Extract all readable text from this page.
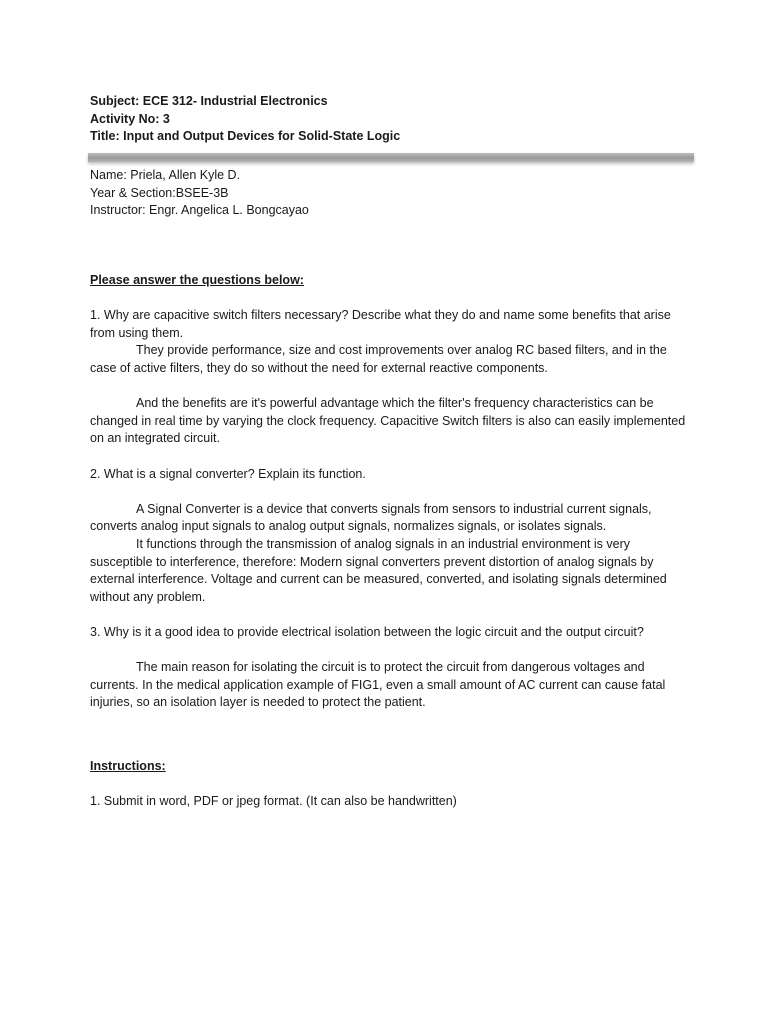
Subject: ECE 312- Industrial Electronics

Activity No: 3

Title: Input and Output Devices for Solid-State Logic

Name: Priela, Allen Kyle D.

Year & Section:BSEE-3B

Instructor: Engr. Angelica L. Bongcayao

Please answer the questions below:

1. Why are capacitive switch filters necessary? Describe what they do and name some benefits that arise from using them.

They provide performance, size and cost improvements over analog RC based filters, and in the case of active filters, they do so without the need for external reactive components.

And the benefits are it's powerful advantage which the filter's frequency characteristics can be changed in real time by varying the clock frequency. Capacitive Switch filters is also can easily implemented on an integrated circuit.

2. What is a signal converter? Explain its function.

A Signal Converter is a device that converts signals from sensors to industrial current signals, converts analog input signals to analog output signals, normalizes signals, or isolates signals.

It functions through the transmission of analog signals in an industrial environment is very susceptible to interference, therefore: Modern signal converters prevent distortion of analog signals by external interference. Voltage and current can be measured, converted, and isolating signals determined without any problem.

3. Why is it a good idea to provide electrical isolation between the logic circuit and the output circuit?

The main reason for isolating the circuit is to protect the circuit from dangerous voltages and currents. In the medical application example of FIG1, even a small amount of AC current can cause fatal injuries, so an isolation layer is needed to protect the patient.

Instructions:

1. Submit in word, PDF or jpeg format. (It can also be handwritten)
